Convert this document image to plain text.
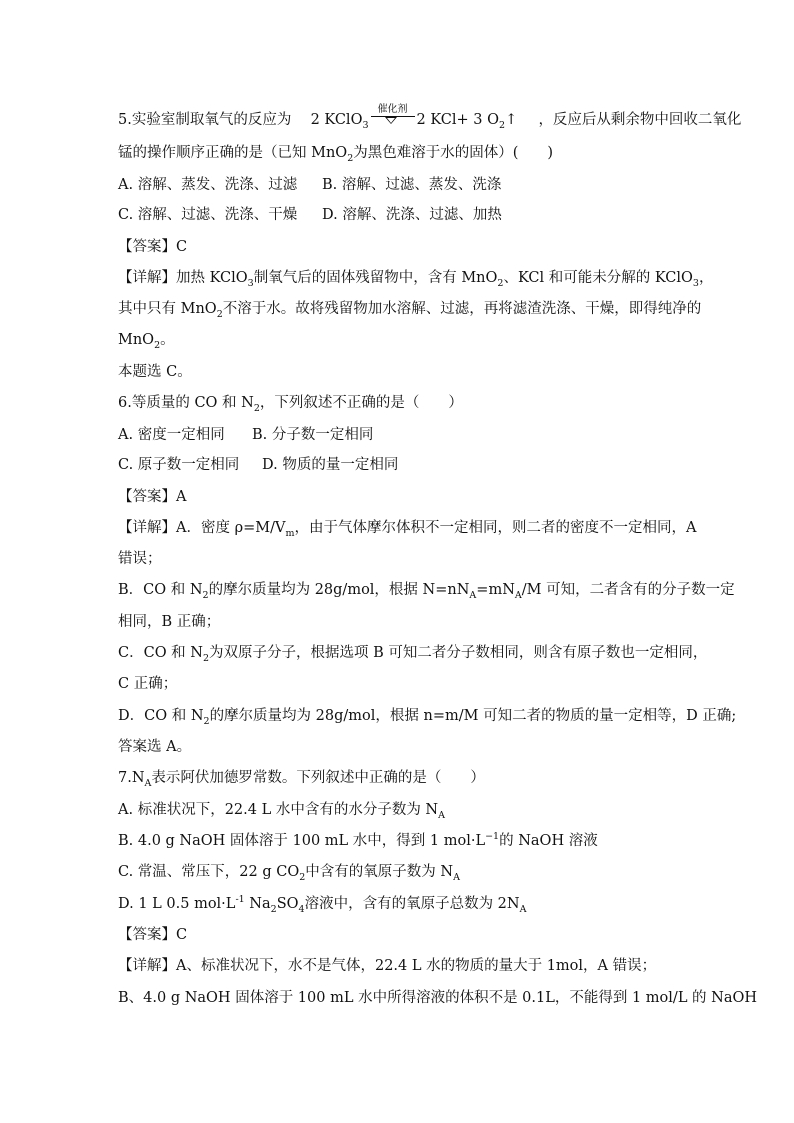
5.实验室制取氧气的反应为 2 KClO$_3$
催化剂
2 KCl+ 3 $O_2↑$ ，反应后从剩余物中回收二氧化
锰的操作顺序正确的是（已知 MnO$_2$为黑色难溶于水的固体）(　　)
A. 溶解、蒸发、洗涤、过滤 B. 溶解、过滤、蒸发、洗涤
C. 溶解、过滤、洗涤、干燥 D. 溶解、洗涤、过滤、加热
【答案】C
【详解】加热 KClO$_3$制氧气后的固体残留物中，含有 MnO$_2$、KCl 和可能未分解的 KClO$_3$，
其中只有 MnO$_2$不溶于水。故将残留物加水溶解、过滤，再将滤渣洗涤、干燥，即得纯净的
MnO$_2$。
本题选 C。
6.等质量的 CO 和 $N_2$，下列叙述不正确的是（　　）
A. 密度一定相同 B. 分子数一定相同
C. 原子数一定相同 D. 物质的量一定相同
【答案】A
【详解】A．密度 $\rho=M/V_m$，由于气体摩尔体积不一定相同，则二者的密度不一定相同，A
错误；
B．CO 和 $N_2$的摩尔质量均为 28g/mol，根据 $N=nN_A=mN_A/M$ 可知，二者含有的分子数一定
相同，B 正确；
C．CO 和 $N_2$为双原子分子，根据选项 B 可知二者分子数相同，则含有原子数也一定相同，
C 正确；
D．CO 和 $N_2$的摩尔质量均为 28g/mol，根据 n=m/M 可知二者的物质的量一定相等，D 正确;
答案选 A。
$7.N_A$表示阿伏加德罗常数。下列叙述中正确的是（　　）
A. 标准状况下，22.4 L 水中含有的水分子数为 $N_A$
B. 4.0 g NaOH 固体溶于 100 mL 水中，得到 1 $mol\cdot L^{-1}$的 NaOH 溶液
C. 常温、常压下，22 g $CO_2$中含有的氧原子数为 $N_A$
D. 1 L 0.5 $mol\cdot L^{-1}$ $Na_2SO_4$溶液中，含有的氧原子总数为 $2N_A$
【答案】C
【详解】A、标准状况下，水不是气体，22.4 L 水的物质的量大于 1mol，A 错误；
B、4.0 g NaOH 固体溶于 100 mL 水中所得溶液的体积不是 0.1L，不能得到 1 mol/L 的 NaOH
